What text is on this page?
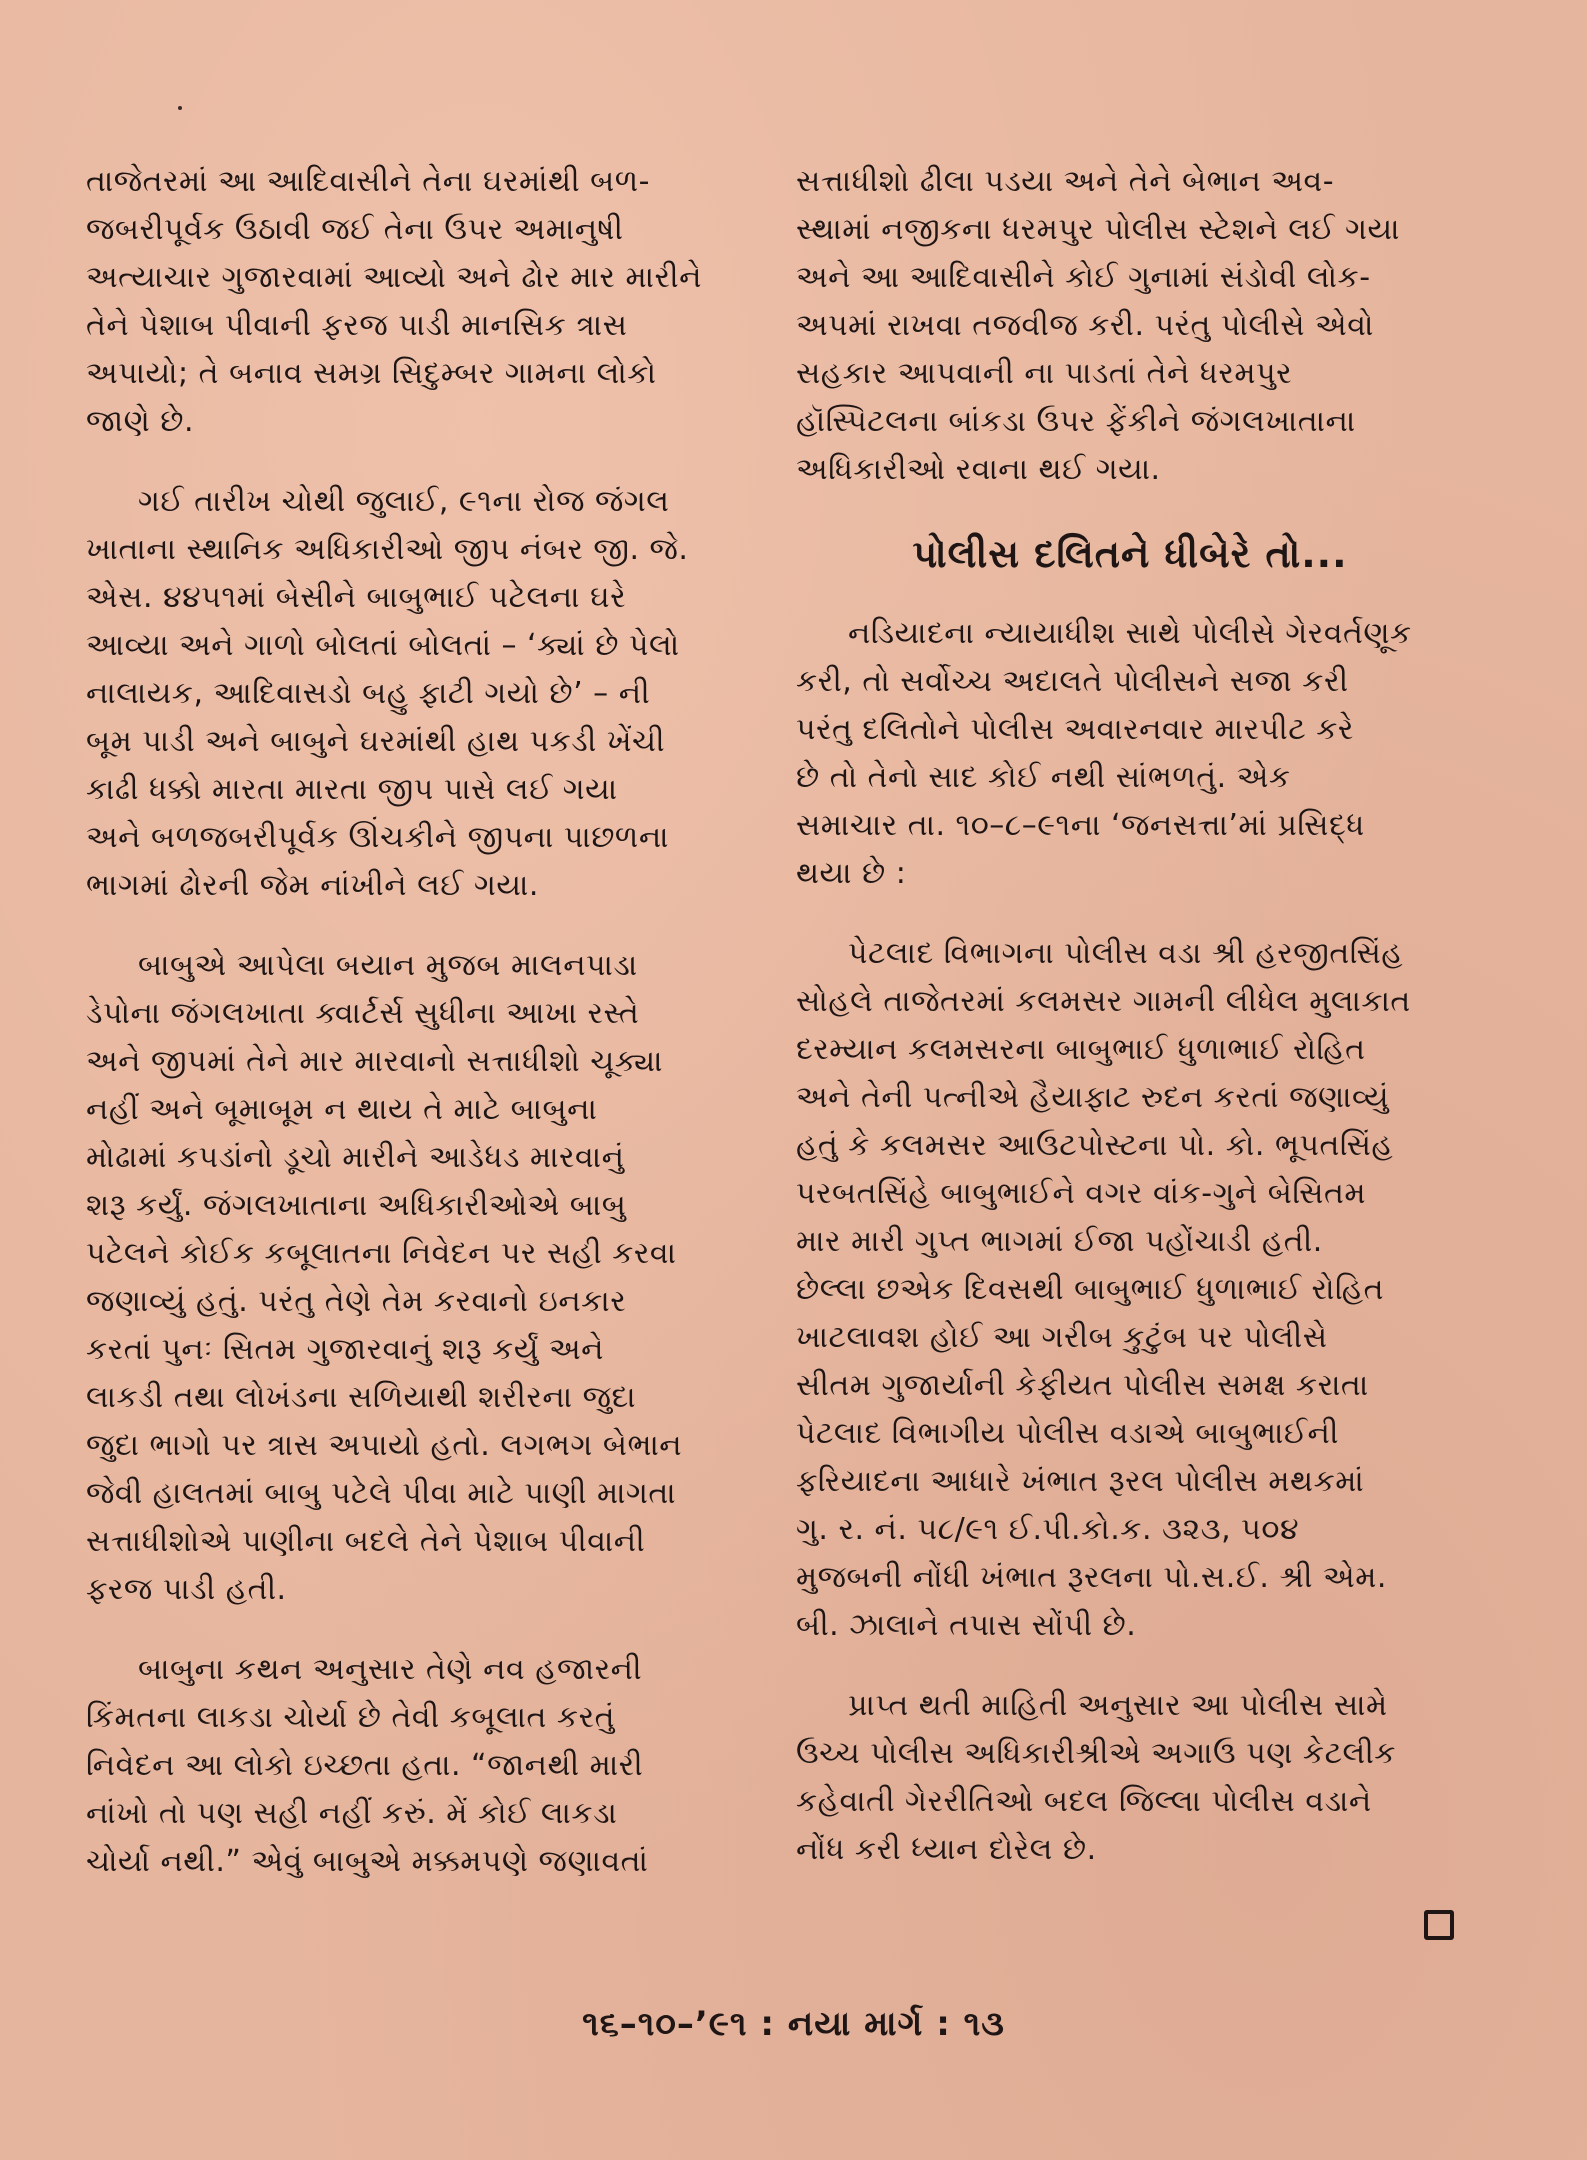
તાજેતરમાં આ આદિવાસીને તેના ઘરમાંથી બળ-
જબરીપૂર્વક ઉઠાવી જઈ તેના ઉપર અમાનુષી
અત્યાચાર ગુજારવામાં આવ્યો અને ઢોર માર મારીને
તેને પેશાબ પીવાની ફરજ પાડી માનસિક ત્રાસ
અપાયો; તે બનાવ સમગ્ર સિદુમ્બર ગામના લોકો
જાણે છે.

ગઈ તારીખ ચોથી જુલાઈ, ૯૧ના રોજ જંગલ
ખાતાના સ્થાનિક અધિકારીઓ જીપ નંબર જી. જે.
એસ. ૪૪૫૧માં બેસીને બાબુભાઈ પટેલના ઘરે
આવ્યા અને ગાળો બોલતાં બોલતાં – ‘ક્યાં છે પેલો
નાલાયક, આદિવાસડો બહુ ફાટી ગયો છે’ – ની
બૂમ પાડી અને બાબુને ઘરમાંથી હાથ પકડી ખેંચી
કાઢી ધક્કો મારતા મારતા જીપ પાસે લઈ ગયા
અને બળજબરીપૂર્વક ઊંચકીને જીપના પાછળના
ભાગમાં ઢોરની જેમ નાંખીને લઈ ગયા.

બાબુએ આપેલા બયાન મુજબ માલનપાડા
ડેપોના જંગલખાતા ક્વાર્ટર્સ સુધીના આખા રસ્તે
અને જીપમાં તેને માર મારવાનો સત્તાધીશો ચૂક્યા
નહીં અને બૂમાબૂમ ન થાય તે માટે બાબુના
મોઢામાં કપડાંનો ડૂચો મારીને આડેધડ મારવાનું
શરૂ કર્યું. જંગલખાતાના અધિકારીઓએ બાબુ
પટેલને કોઈક કબૂલાતના નિવેદન પર સહી કરવા
જણાવ્યું હતું. પરંતુ તેણે તેમ કરવાનો ઇનકાર
કરતાં પુનઃ સિતમ ગુજારવાનું શરૂ કર્યું અને
લાકડી તથા લોખંડના સળિયાથી શરીરના જુદા
જુદા ભાગો પર ત્રાસ અપાયો હતો. લગભગ બેભાન
જેવી હાલતમાં બાબુ પટેલે પીવા માટે પાણી માગતા
સત્તાધીશોએ પાણીના બદલે તેને પેશાબ પીવાની
ફરજ પાડી હતી.

બાબુના કથન અનુસાર તેણે નવ હજારની
કિંમતના લાકડા ચોર્યા છે તેવી કબૂલાત કરતું
નિવેદન આ લોકો ઇચ્છતા હતા. “જાનથી મારી
નાંખો તો પણ સહી નહીં કરું. મેં કોઈ લાકડા
ચોર્યા નથી.” એવું બાબુએ મક્કમપણે જણાવતાં

સત્તાધીશો ઢીલા પડયા અને તેને બેભાન અવ-
સ્થામાં નજીકના ધરમપુર પોલીસ સ્ટેશને લઈ ગયા
અને આ આદિવાસીને કોઈ ગુનામાં સંડોવી લોક-
અપમાં રાખવા તજવીજ કરી. પરંતુ પોલીસે એવો
સહકાર આપવાની ના પાડતાં તેને ધરમપુર
હૉસ્પિટલના બાંકડા ઉપર ફેંકીને જંગલખાતાના
અધિકારીઓ રવાના થઈ ગયા.

પોલીસ દલિતને ધીબેરે તો...

નડિયાદના ન્યાયાધીશ સાથે પોલીસે ગેરવર્તણૂક
કરી, તો સર્વોચ્ચ અદાલતે પોલીસને સજા કરી
પરંતુ દલિતોને પોલીસ અવારનવાર મારપીટ કરે
છે તો તેનો સાદ કોઈ નથી સાંભળતું. એક
સમાચાર તા. ૧૦–૮–૯૧ના ‘જનસત્તા’માં પ્રસિદ્ધ
થયા છે :

પેટલાદ વિભાગના પોલીસ વડા શ્રી હરજીતસિંહ
સોહલે તાજેતરમાં કલમસર ગામની લીધેલ મુલાકાત
દરમ્યાન કલમસરના બાબુભાઈ ધુળાભાઈ રોહિત
અને તેની પત્નીએ હૈયાફાટ રુદન કરતાં જણાવ્યું
હતું કે કલમસર આઉટપોસ્ટના પો. કો. ભૂપતસિંહ
પરબતસિંહે બાબુભાઈને વગર વાંક-ગુને બેસિતમ
માર મારી ગુપ્ત ભાગમાં ઈજા પહોંચાડી હતી.
છેલ્લા છએક દિવસથી બાબુભાઈ ધુળાભાઈ રોહિત
ખાટલાવશ હોઈ આ ગરીબ કુટુંબ પર પોલીસે
સીતમ ગુજાર્યાની કેફીયત પોલીસ સમક્ષ કરાતા
પેટલાદ વિભાગીય પોલીસ વડાએ બાબુભાઈની
ફરિયાદના આધારે ખંભાત રૂરલ પોલીસ મથકમાં
ગુ. ર. નં. ૫૮/૯૧ ઈ.પી.કો.ક. ૩૨૩, ૫૦૪
મુજબની નોંધી ખંભાત રૂરલના પો.સ.ઈ. શ્રી એમ.
બી. ઝાલાને તપાસ સોંપી છે.

પ્રાપ્ત થતી માહિતી અનુસાર આ પોલીસ સામે
ઉચ્ચ પોલીસ અધિકારીશ્રીએ અગાઉ પણ કેટલીક
કહેવાતી ગેરરીતિઓ બદલ જિલ્લા પોલીસ વડાને
નોંધ કરી ધ્યાન દોરેલ છે.

૧૬–૧૦–’૯૧ : નયા માર્ગ : ૧૩
